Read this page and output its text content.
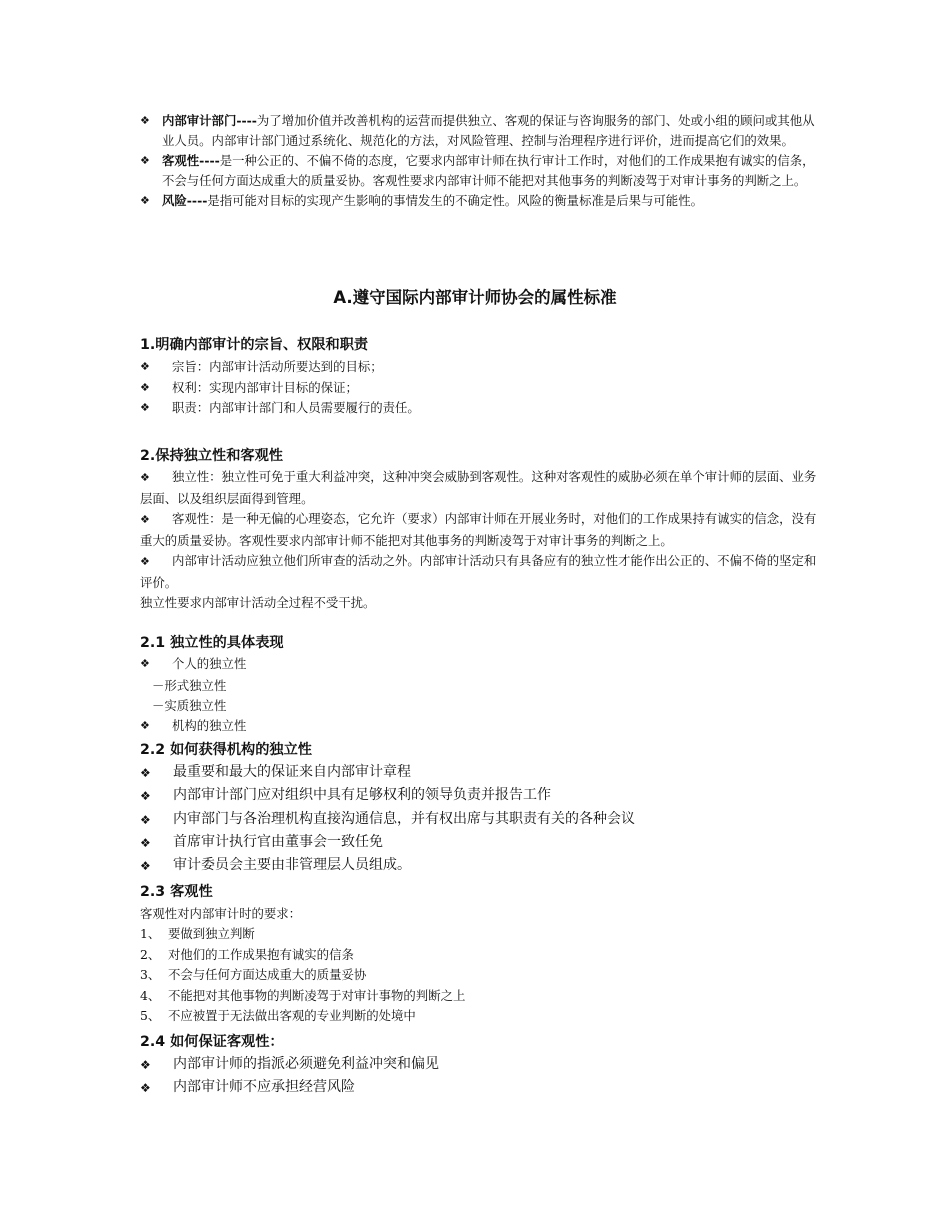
❖ 内部审计部门----为了增加价值并改善机构的运营而提供独立、客观的保证与咨询服务的部门、处或小组的顾问或其他从业人员。内部审计部门通过系统化、规范化的方法，对风险管理、控制与治理程序进行评价，进而提高它们的效果。
❖ 客观性----是一种公正的、不偏不倚的态度，它要求内部审计师在执行审计工作时，对他们的工作成果抱有诚实的信条，不会与任何方面达成重大的质量妥协。客观性要求内部审计师不能把对其他事务的判断凌驾于对审计事务的判断之上。
❖ 风险----是指可能对目标的实现产生影响的事情发生的不确定性。风险的衡量标准是后果与可能性。
A.遵守国际内部审计师协会的属性标准
1.明确内部审计的宗旨、权限和职责
❖ 宗旨：内部审计活动所要达到的目标；
❖ 权利：实现内部审计目标的保证；
❖ 职责：内部审计部门和人员需要履行的责任。
2.保持独立性和客观性
❖ 独立性：独立性可免于重大利益冲突，这种冲突会威胁到客观性。这种对客观性的威胁必须在单个审计师的层面、业务层面、以及组织层面得到管理。
❖ 客观性：是一种无偏的心理姿态，它允许（要求）内部审计师在开展业务时，对他们的工作成果持有诚实的信念，没有重大的质量妥协。客观性要求内部审计师不能把对其他事务的判断凌驾于对审计事务的判断之上。
❖ 内部审计活动应独立他们所审查的活动之外。内部审计活动只有具备应有的独立性才能作出公正的、不偏不倚的坚定和评价。
独立性要求内部审计活动全过程不受干扰。
2.1 独立性的具体表现
❖ 个人的独立性
－形式独立性
－实质独立性
❖ 机构的独立性
2.2 如何获得机构的独立性
❖ 最重要和最大的保证来自内部审计章程
❖ 内部审计部门应对组织中具有足够权利的领导负责并报告工作
❖ 内审部门与各治理机构直接沟通信息，并有权出席与其职责有关的各种会议
❖ 首席审计执行官由董事会一致任免
❖ 审计委员会主要由非管理层人员组成。
2.3 客观性
客观性对内部审计时的要求：
1、 要做到独立判断
2、 对他们的工作成果抱有诚实的信条
3、 不会与任何方面达成重大的质量妥协
4、 不能把对其他事物的判断凌驾于对审计事物的判断之上
5、 不应被置于无法做出客观的专业判断的处境中
2.4 如何保证客观性：
❖ 内部审计师的指派必须避免利益冲突和偏见
❖ 内部审计师不应承担经营风险
